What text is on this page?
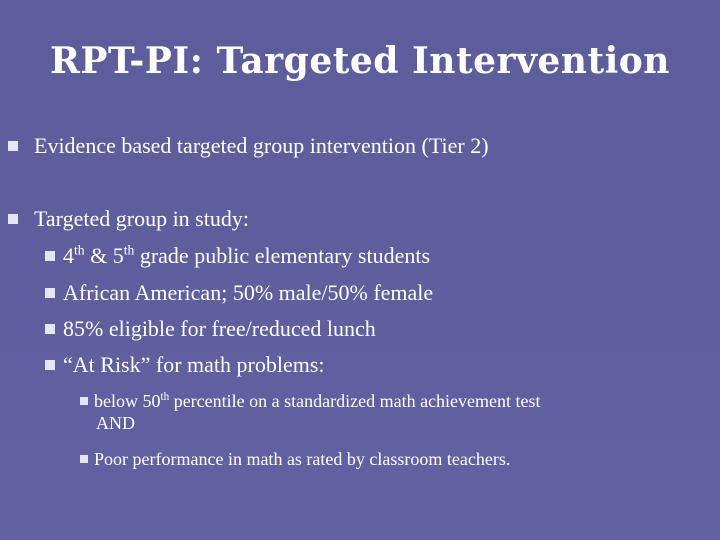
RPT-PI: Targeted Intervention
Evidence based targeted group intervention (Tier 2)
Targeted group in study:
4th & 5th grade public elementary students
African American; 50% male/50% female
85% eligible for free/reduced lunch
“At Risk” for math problems:
below 50th percentile on a standardized math achievement test
AND
Poor performance in math as rated by classroom teachers.
